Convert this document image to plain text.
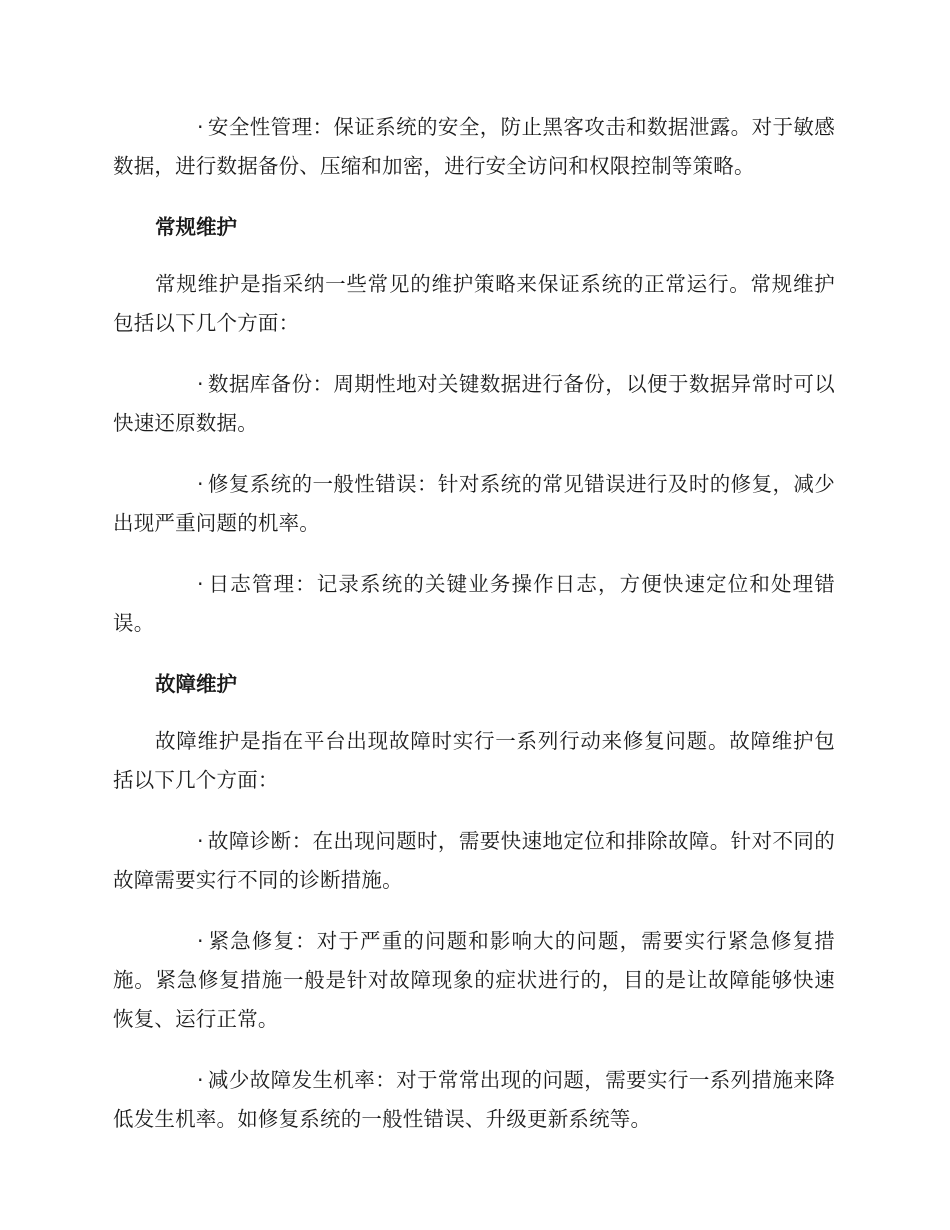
· 安全性管理：保证系统的安全，防止黑客攻击和数据泄露。对于敏感数据，进行数据备份、压缩和加密，进行安全访问和权限控制等策略。

常规维护

常规维护是指采纳一些常见的维护策略来保证系统的正常运行。常规维护包括以下几个方面：

· 数据库备份：周期性地对关键数据进行备份，以便于数据异常时可以快速还原数据。

· 修复系统的一般性错误：针对系统的常见错误进行及时的修复，减少出现严重问题的机率。

· 日志管理：记录系统的关键业务操作日志，方便快速定位和处理错误。

故障维护

故障维护是指在平台出现故障时实行一系列行动来修复问题。故障维护包括以下几个方面：

· 故障诊断：在出现问题时，需要快速地定位和排除故障。针对不同的故障需要实行不同的诊断措施。

· 紧急修复：对于严重的问题和影响大的问题，需要实行紧急修复措施。紧急修复措施一般是针对故障现象的症状进行的，目的是让故障能够快速恢复、运行正常。

· 减少故障发生机率：对于常常出现的问题，需要实行一系列措施来降低发生机率。如修复系统的一般性错误、升级更新系统等。
